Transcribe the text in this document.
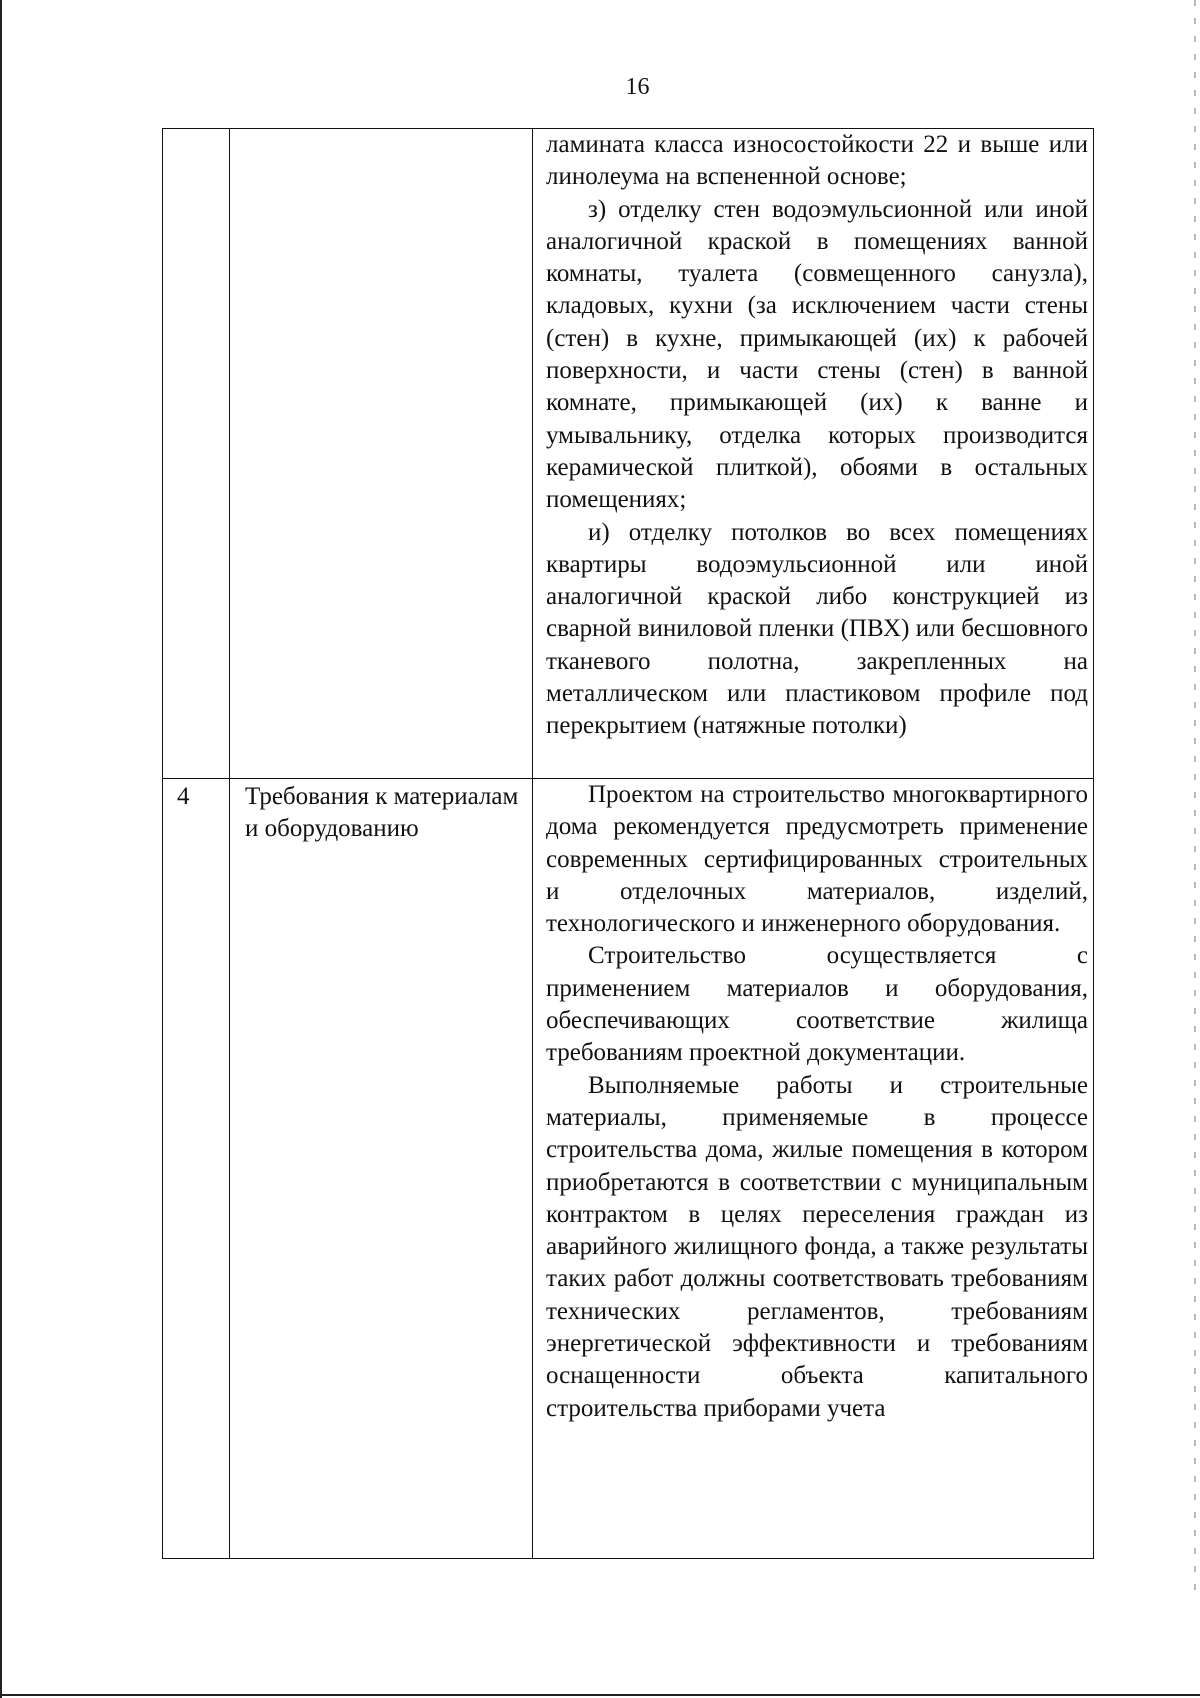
16

		ламината класса износостойкости 22 и выше или линолеума на вспененной основе;

з) отделку стен водоэмульсионной или иной аналогичной краской в помещениях ванной комнаты, туалета (совмещенного санузла), кладовых, кухни (за исключением части стены (стен) в кухне, примыкающей (их) к рабочей поверхности, и части стены (стен) в ванной комнате, примыкающей (их) к ванне и умывальнику, отделка которых производится керамической плиткой), обоями в остальных помещениях;

и) отделку потолков во всех помещениях квартиры водоэмульсионной или иной аналогичной краской либо конструкцией из сварной виниловой пленки (ПВХ) или бесшовного тканевого полотна, закрепленных на металлическом или пластиковом профиле под перекрытием (натяжные потолки)

4	Требования к материалам и оборудованию	Проектом на строительство многоквартирного дома рекомендуется предусмотреть применение современных сертифицированных строительных и отделочных материалов, изделий, технологического и инженерного оборудования.

Строительство осуществляется с применением материалов и оборудования, обеспечивающих соответствие жилища требованиям проектной документации.

Выполняемые работы и строительные материалы, применяемые в процессе строительства дома, жилые помещения в котором приобретаются в соответствии с муниципальным контрактом в целях переселения граждан из аварийного жилищного фонда, а также результаты таких работ должны соответствовать требованиям технических регламентов, требованиям энергетической эффективности и требованиям оснащенности объекта капитального строительства приборами учета
